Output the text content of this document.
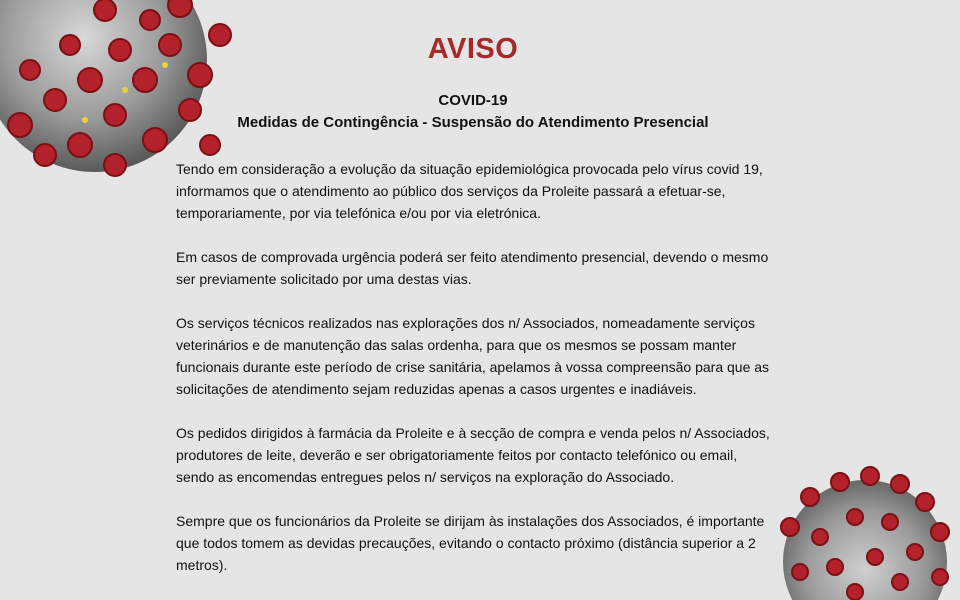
AVISO
COVID-19
Medidas de Contingência - Suspensão do Atendimento Presencial

Tendo em consideração a evolução da situação epidemiológica provocada pelo vírus covid 19, informamos que o atendimento ao público dos serviços da Proleite passará a efetuar-se, temporariamente, por via telefónica e/ou por via eletrónica.

Em casos de comprovada urgência poderá ser feito atendimento presencial, devendo o mesmo ser previamente solicitado por uma destas vias.

Os serviços técnicos realizados nas explorações dos n/ Associados, nomeadamente serviços veterinários e de manutenção das salas ordenha, para que os mesmos se possam manter funcionais durante este período de crise sanitária, apelamos à vossa compreensão para que as solicitações de atendimento sejam reduzidas apenas a casos urgentes e inadiáveis.

Os pedidos dirigidos à farmácia da Proleite e à secção de compra e venda pelos n/ Associados, produtores de leite, deverão e ser obrigatoriamente feitos por contacto telefónico ou email, sendo as encomendas entregues pelos n/ serviços na exploração do Associado.

Sempre que os funcionários da Proleite se dirijam às instalações dos Associados, é importante que todos tomem as devidas precauções, evitando o contacto próximo (distância superior a 2 metros).
